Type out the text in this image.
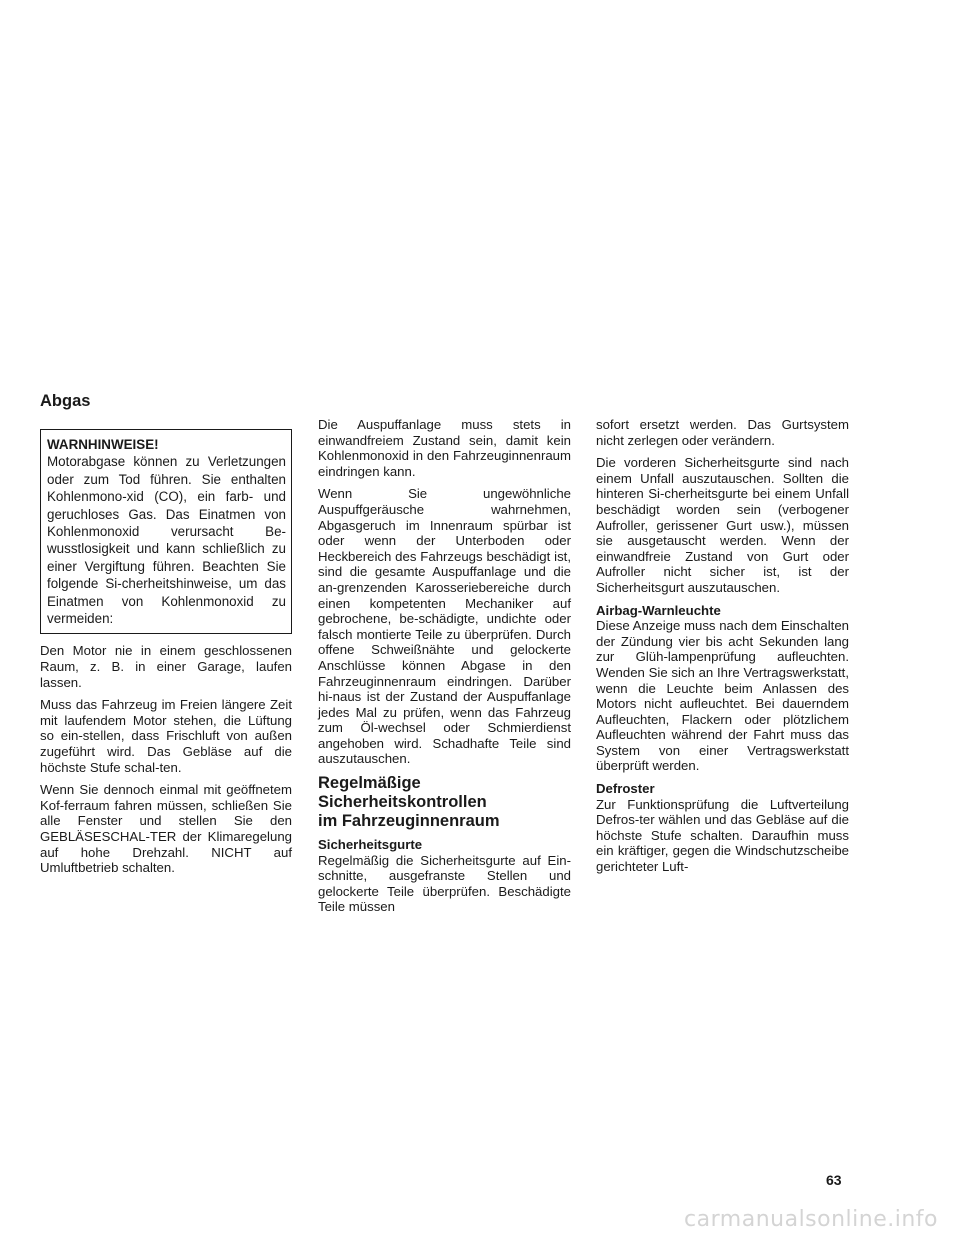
Abgas
WARNHINWEISE!
Motorabgase können zu Verletzungen oder zum Tod führen. Sie enthalten Kohlenmono-xid (CO), ein farb- und geruchloses Gas. Das Einatmen von Kohlenmonoxid verursacht Be-wusstlosigkeit und kann schließlich zu einer Vergiftung führen. Beachten Sie folgende Si-cherheitshinweise, um das Einatmen von Kohlenmonoxid zu vermeiden:

Den Motor nie in einem geschlossenen Raum, z. B. in einer Garage, laufen lassen.

Muss das Fahrzeug im Freien längere Zeit mit laufendem Motor stehen, die Lüftung so ein-stellen, dass Frischluft von außen zugeführt wird. Das Gebläse auf die höchste Stufe schal-ten.

Wenn Sie dennoch einmal mit geöffnetem Kof-ferraum fahren müssen, schließen Sie alle Fenster und stellen Sie den GEBLÄSESCHAL-TER der Klimaregelung auf hohe Drehzahl. NICHT auf Umluftbetrieb schalten.

Die Auspuffanlage muss stets in einwandfreiem Zustand sein, damit kein Kohlenmonoxid in den Fahrzeuginnenraum eindringen kann.

Wenn Sie ungewöhnliche Auspuffgeräusche wahrnehmen, Abgasgeruch im Innenraum spürbar ist oder wenn der Unterboden oder Heckbereich des Fahrzeugs beschädigt ist, sind die gesamte Auspuffanlage und die an-grenzenden Karosseriebereiche durch einen kompetenten Mechaniker auf gebrochene, be-schädigte, undichte oder falsch montierte Teile zu überprüfen. Durch offene Schweißnähte und gelockerte Anschlüsse können Abgase in den Fahrzeuginnenraum eindringen. Darüber hi-naus ist der Zustand der Auspuffanlage jedes Mal zu prüfen, wenn das Fahrzeug zum Öl-wechsel oder Schmierdienst angehoben wird. Schadhafte Teile sind auszutauschen.

Regelmäßige Sicherheitskontrollen
im Fahrzeuginnenraum
Sicherheitsgurte
Regelmäßig die Sicherheitsgurte auf Ein-schnitte, ausgefranste Stellen und gelockerte Teile überprüfen. Beschädigte Teile müssen

sofort ersetzt werden. Das Gurtsystem nicht zerlegen oder verändern.

Die vorderen Sicherheitsgurte sind nach einem Unfall auszutauschen. Sollten die hinteren Si-cherheitsgurte bei einem Unfall beschädigt worden sein (verbogener Aufroller, gerissener Gurt usw.), müssen sie ausgetauscht werden. Wenn der einwandfreie Zustand von Gurt oder Aufroller nicht sicher ist, ist der Sicherheitsgurt auszutauschen.

Airbag-Warnleuchte
Diese Anzeige muss nach dem Einschalten der Zündung vier bis acht Sekunden lang zur Glüh-lampenprüfung aufleuchten. Wenden Sie sich an Ihre Vertragswerkstatt, wenn die Leuchte beim Anlassen des Motors nicht aufleuchtet. Bei dauerndem Aufleuchten, Flackern oder plötzlichem Aufleuchten während der Fahrt muss das System von einer Vertragswerkstatt überprüft werden.
Defroster
Zur Funktionsprüfung die Luftverteilung Defros-ter wählen und das Gebläse auf die höchste Stufe schalten. Daraufhin muss ein kräftiger, gegen die Windschutzscheibe gerichteter Luft-
63
carmanualsonline.info
